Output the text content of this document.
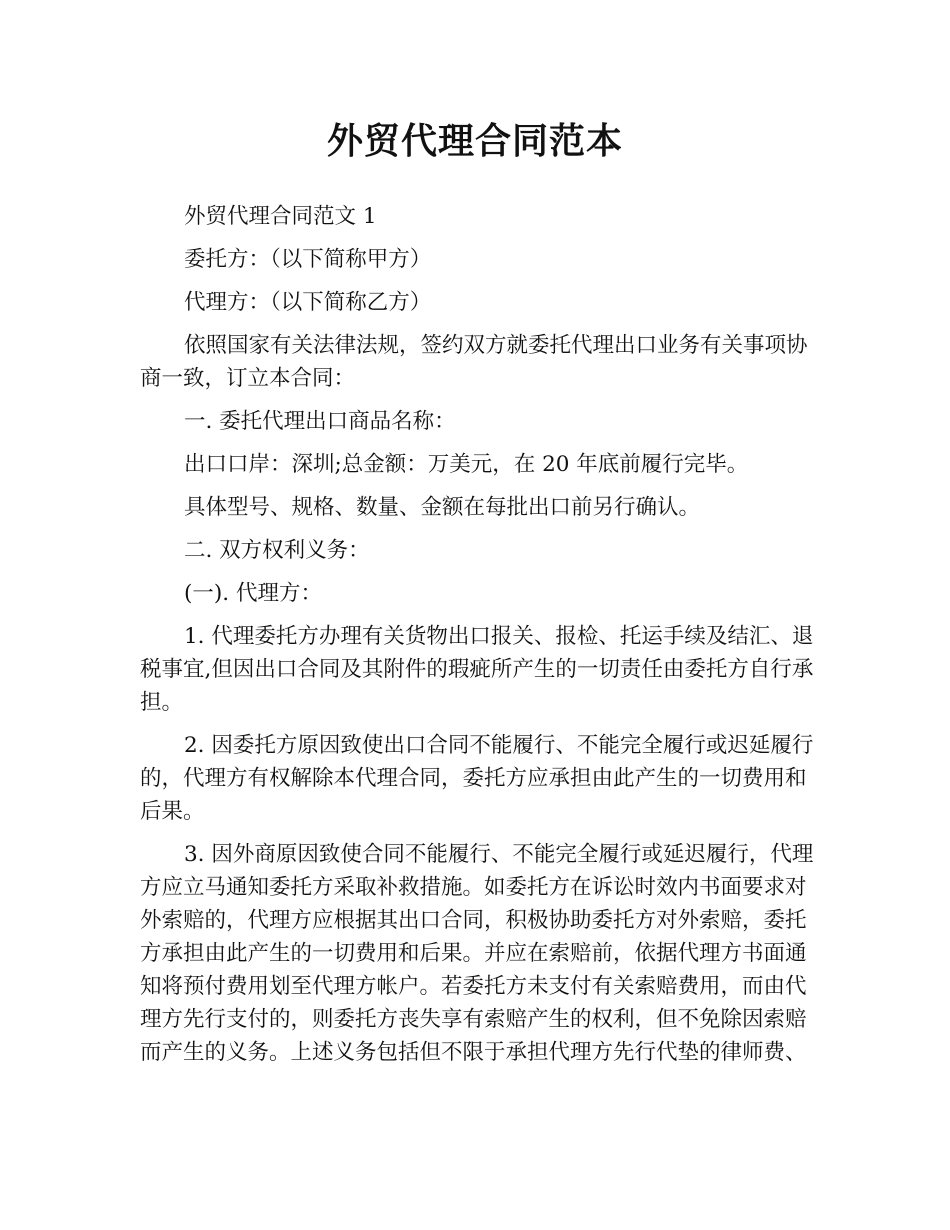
外贸代理合同范本

外贸代理合同范文 1

委托方：（以下简称甲方）

代理方：（以下简称乙方）

依照国家有关法律法规，签约双方就委托代理出口业务有关事项协商一致，订立本合同：

一. 委托代理出口商品名称：

出口口岸：深圳;总金额：万美元，在 20 年底前履行完毕。

具体型号、规格、数量、金额在每批出口前另行确认。

二. 双方权利义务：

(一). 代理方：

1. 代理委托方办理有关货物出口报关、报检、托运手续及结汇、退税事宜,但因出口合同及其附件的瑕疵所产生的一切责任由委托方自行承担。

2. 因委托方原因致使出口合同不能履行、不能完全履行或迟延履行的，代理方有权解除本代理合同，委托方应承担由此产生的一切费用和后果。

3. 因外商原因致使合同不能履行、不能完全履行或延迟履行，代理方应立马通知委托方采取补救措施。如委托方在诉讼时效内书面要求对外索赔的，代理方应根据其出口合同，积极协助委托方对外索赔，委托方承担由此产生的一切费用和后果。并应在索赔前，依据代理方书面通知将预付费用划至代理方帐户。若委托方未支付有关索赔费用，而由代理方先行支付的，则委托方丧失享有索赔产生的权利，但不免除因索赔而产生的义务。上述义务包括但不限于承担代理方先行代垫的律师费、
